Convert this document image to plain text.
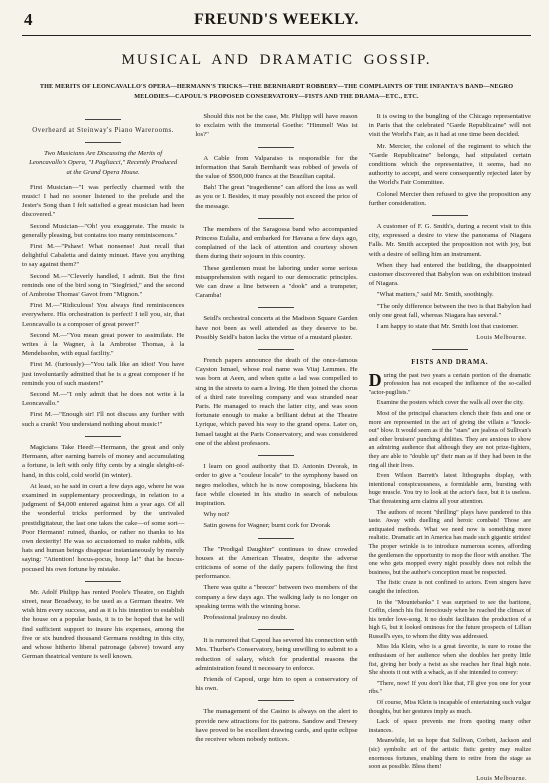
4	FREUND'S WEEKLY.
MUSICAL AND DRAMATIC GOSSIP.
THE MERITS OF LEONCAVALLO'S OPERA—HERMANN'S TRICKS—THE BERNHARDT ROBBERY—THE COMPLAINTS OF THE INFANTA'S BAND—NEGRO MELODIES—CAPOUL'S PROPOSED CONSERVATORY—FISTS AND THE DRAMA—ETC., ETC.
Overheard at Steinway's Piano Warerooms.

Two Musicians Are Discussing the Merits of Leoncavallo's Opera, "I Pagliacci," Recently Produced at the Grand Opera House.

First Musician—"I was perfectly charmed with the music! I had no sooner listened to the prelude and the Jester's Song than I felt satisfied a great musician had been discovered."

Second Musician—"Oh! you exaggerate. The music is generally pleasing, but contains too many reminiscences."

First M.—"Pshaw! What nonsense! Just recall that delightful Cabaletta and dainty minuet. Have you anything to say against them?"

Second M.—"Cleverly handled, I admit. But the first reminds one of the bird song in "Siegfried," and the second of Ambroise Thomas' Gavot from "Mignon."

First M.—"Ridiculous! You always find reminiscences everywhere. His orchestration is perfect! I tell you, sir, that Leoncavallo is a composer of great power!"

Second M.—"You mean great power to assimilate. He writes à la Wagner, à la Ambroise Thomas, à la Mendelssohn, with equal facility."

First M. (furiously)—"You talk like an idiot! You have just involuntarily admitted that he is a great composer if he reminds you of such masters!"

Second M.—"I only admit that he does not write à la Leoncavallo."

First M.—"Enough sir! I'll not discuss any further with such a crank! You understand nothing about music!"

Magicians Take Heed!—Hermann, the great and only Hermann, after earning barrels of money and accumulating a fortune, is left with only fifty cents by a single sleight-of-hand, in this cold, cold world (in winter).

At least, so he said in court a few days ago, where he was examined in supplementary proceedings, in relation to a judgment of $4,000 entered against him a year ago. Of all the wonderful tricks performed by the unrivaled prestidigitateur, the last one takes the cake—of some sort—Poor Hermann! ruined, thanks, or rather no thanks to his own dexterity! He was so accustomed to make rabbits, silk hats and human beings disappear instantaneously by merely saying: "Attention! hocus-pocus, hoop la!" that he hocus-pocused his own fortune by mistake.

Mr. Adolf Philipp has rented Poole's Theatre, on Eighth street, near Broadway, to be used as a German theatre. We wish him every success, and as it is his intention to establish the house on a popular basis, it is to be hoped that he will find sufficient support to insure his expenses, among the five or six hundred thousand Germans residing in this city, and whose hitherto liberal patronage (above) toward any German theatrical venture is well known.

Should this not be the case, Mr. Philipp will have reason to exclaim with the immortal Goethe: "Himmel! Was ist los?"

A Cable from Valparaiso is responsible for the information that Sarah Bernhardt was robbed of jewels of the value of $500,000 francs at the Brazilian capital.

Bah! The great "tragedienne" can afford the loss as well as you or I. Besides, it may possibly not exceed the price of the message.

The members of the Saragossa band who accompanied Princess Eulalia, and embarked for Havana a few days ago, complained of the lack of attention and courtesy shown them during their sojourn in this country.

These gentlemen must be laboring under some serious misapprehension with regard to our democratic principles. We can draw a line between a "dook" and a trumpeter, Caramba!

Seidl's orchestral concerts at the Madison Square Garden have not been as well attended as they deserve to be. Possibly Seidl's baton lacks the virtue of a mustard plaster.

French papers announce the death of the once-famous Cayston Ismael, whose real name was Vitaj Lemmes. He was born at Aeen, and when quite a lad was compelled to sing in the streets to earn a living. He then joined the chorus of a third rate traveling company and was stranded near Paris. He managed to reach the latter city, and was soon fortunate enough to make a brilliant debut at the Theatre Lyrique, which paved his way to the grand opera. Later on, Ismael taught at the Paris Conservatory, and was considered one of the ablest professors.

I learn on good authority that D. Antonin Dvorak, in order to give a "couleur locale" to the symphony based on negro melodies, which he is now composing, blackens his face while closeted in his studio in search of nebulous inspiration.

Why not?

Satin gowns for Wagner; burnt cork for Dvorak

The "Prodigal Daughter" continues to draw crowded houses at the American Theatre, despite the adverse criticisms of some of the daily papers following the first performance.

There was quite a "breeze" between two members of the company a few days ago. The walking lady is no longer on speaking terms with the winning horse.

Professional jealousy no doubt.

It is rumored that Capoul has severed his connection with Mrs. Thurber's Conservatory, being unwilling to submit to a reduction of salary, which for prudential reasons the administration found it necessary to enforce.

Friends of Capoul, urge him to open a conservatory of his own.

The management of the Casino is always on the alert to provide new attractions for its patrons. Sandow and Trewey have proved to be excellent drawing cards, and quite eclipse the receiver whom nobody notices.

It is owing to the bungling of the Chicago representative in Paris that the celebrated "Garde Republicaine" will not visit the World's Fair, as it had at one time been decided.

Mr. Mercier, the colonel of the regiment to which the "Garde Republicaine" belongs, had stipulated certain conditions which the representative, it seems, had no authority to accept, and were consequently rejected later by the World's Fair Committee.

Colonel Mercier then refused to give the proposition any further consideration.

A customer of F. G. Smith's, during a recent visit to this city, expressed a desire to view the panorama of Niagara Falls. Mr. Smith accepted the proposition not with joy, but with a desire of selling him an instrument.

When they had entered the building, the disappointed customer discovered that Babylon was on exhibition instead of Niagara.

"What matters," said Mr. Smith, soothingly.

"The only difference between the two is that Babylon had only one great fall, whereas Niagara has several."

I am happy to state that Mr. Smith lost that customer.

Louis Melbourne.

FISTS AND DRAMA.

During the past two years a certain portion of the dramatic profession has not escaped the influence of the so-called "actor-pugilists."

Examine the posters which cover the walls all over the city.

Most of the principal characters clench their fists and one or more are represented in the act of giving the villain a "knock-out" blow. It would seem as if the "stars" are jealous of Sullivan's and other bruisers' punching abilities. They are anxious to show an admiring audience that although they are not prize-fighters, they are able to "double up" their man as if they had been in the ring all their lives.

Even Wilson Barrett's latest lithographs display, with intentional conspicuousness, a formidable arm, bursting with huge muscle. You try to look at the actor's face, but it is useless. That threatening arm claims all your attention.

The authors of recent "thrilling" plays have pandered to this taste. Away with duelling and heroic combats! Those are antiquated methods. What we need now is something more realistic. Dramatic art in America has made such gigantic strides! The proper wrinkle is to introduce numerous scenes, affording the gentlemen the opportunity to mop the floor with another. The one who gets mopped every night possibly does not relish the business, but the author's conception must be respected.

The fistic craze is not confined to actors. Even singers have caught the infection.

In the "Mountebanks" I was surprised to see the baritone, Coffin, clench his fist ferociously when he reached the climax of his tender love-song. It no doubt facilitates the production of a high G, but it looked ominous for the future prospects of Lillian Russell's eyes, to whom the ditty was addressed.

Miss Ida Klein, who is a great favorite, is sure to rouse the enthusiasm of her audience when she doubles her pretty little fist, giving her body a twist as she reaches her final high note. She shoots it out with a whack, as if she intended to convey:

"There, now! If you don't like that, I'll give you one for your ribs."

Of course, Miss Klein is incapable of entertaining such vulgar thoughts, but her gestures imply as much.

Lack of space prevents me from quoting many other instances.

Meanwhile, let us hope that Sullivan, Corbett, Jackson and (sic) symbolic art of the artistic fistic gentry may realize enormous fortunes, enabling them to retire from the stage as soon as possible. Bless them!

Louis Melbourne.
